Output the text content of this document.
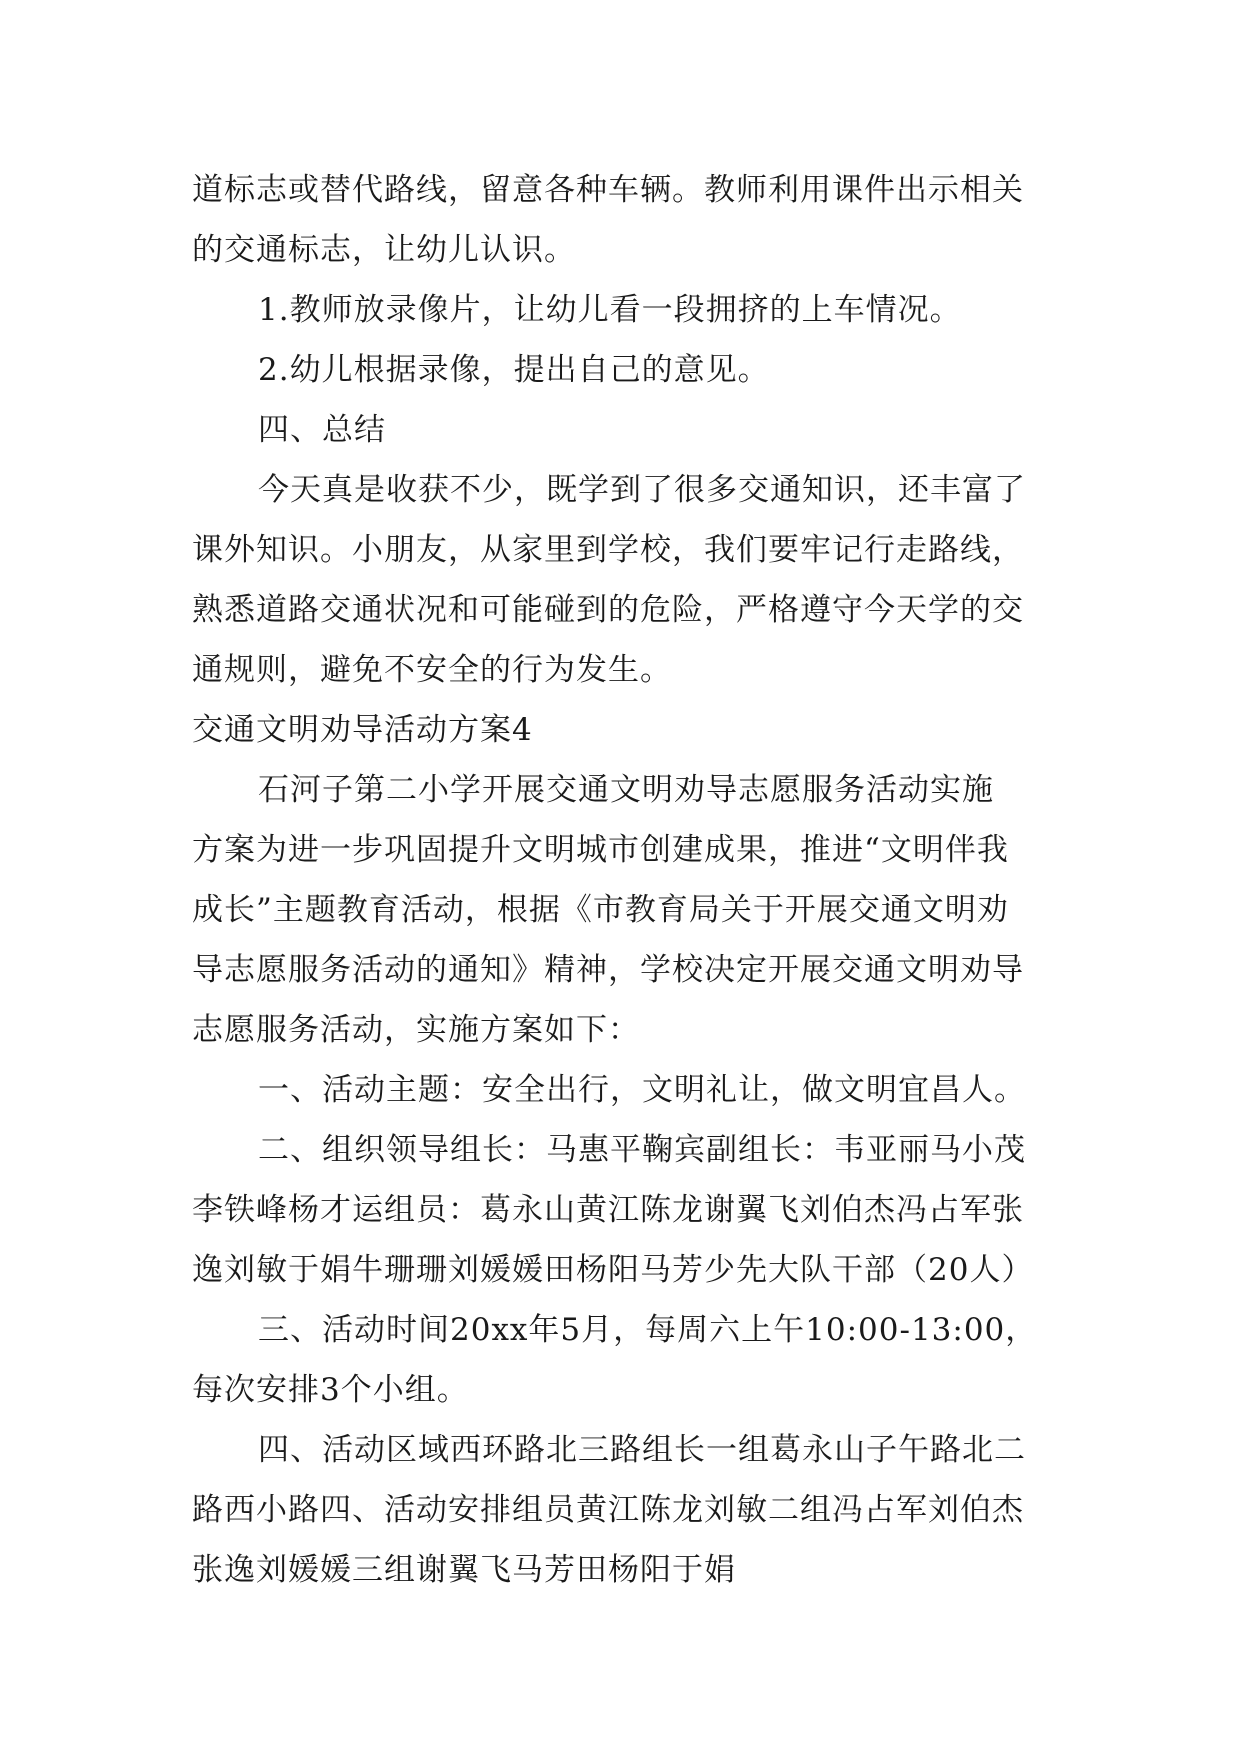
道标志或替代路线，留意各种车辆。教师利用课件出示相关
的交通标志，让幼儿认识。
1.教师放录像片，让幼儿看一段拥挤的上车情况。
2.幼儿根据录像，提出自己的意见。
四、总结
今天真是收获不少，既学到了很多交通知识，还丰富了
课外知识。小朋友，从家里到学校，我们要牢记行走路线，
熟悉道路交通状况和可能碰到的危险，严格遵守今天学的交
通规则，避免不安全的行为发生。
交通文明劝导活动方案4
石河子第二小学开展交通文明劝导志愿服务活动实施
方案为进一步巩固提升文明城市创建成果，推进“文明伴我
成长”主题教育活动，根据《市教育局关于开展交通文明劝
导志愿服务活动的通知》精神，学校决定开展交通文明劝导
志愿服务活动，实施方案如下：
一、活动主题：安全出行，文明礼让，做文明宜昌人。
二、组织领导组长：马惠平鞠宾副组长：韦亚丽马小茂
李铁峰杨才运组员：葛永山黄江陈龙谢翼飞刘伯杰冯占军张
逸刘敏于娟牛珊珊刘媛媛田杨阳马芳少先大队干部（20人）
三、活动时间20xx年5月，每周六上午10:00-13:00，
每次安排3个小组。
四、活动区域西环路北三路组长一组葛永山子午路北二
路西小路四、活动安排组员黄江陈龙刘敏二组冯占军刘伯杰
张逸刘媛媛三组谢翼飞马芳田杨阳于娟
